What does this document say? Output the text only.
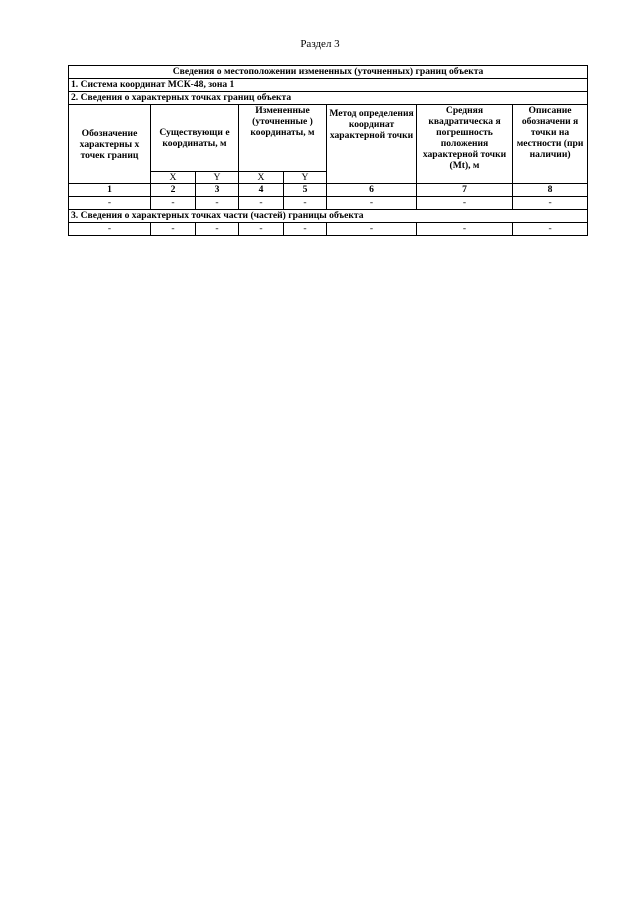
Раздел 3
Сведения о местоположении измененных (уточненных) границ объекта							
1. Система координат МСК-48, зона 1							
2. Сведения о характерных точках границ объекта							
Обозначение характерны х точек границ	Существующи е координаты, м		Измененные (уточненные ) координаты, м		Метод определения координат характерной точки	Средняя квадратическа я погрешность положения характерной точки (Mt), м	Описание обозначени я точки на местности (при наличии)
	X	Y	X	Y			
1	2	3	4	5	6	7	8
-	-	-	-	-	-	-	-
3. Сведения о характерных точках части (частей) границы объекта							
-	-	-	-	-	-	-	-
